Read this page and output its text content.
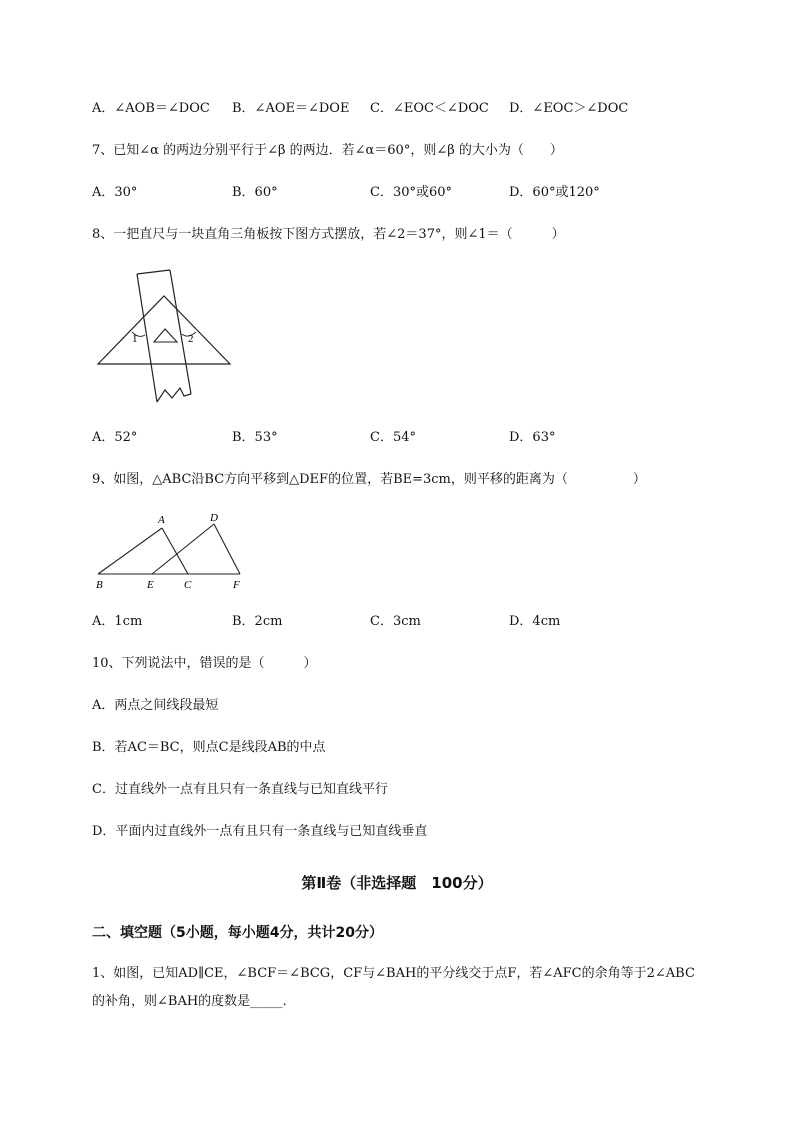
A．∠AOB＝∠DOC B．∠AOE＝∠DOE C．∠EOC＜∠DOC D．∠EOC＞∠DOC
7、已知∠α 的两边分别平行于∠β 的两边．若∠α＝60°，则∠β 的大小为（　　）
A．30°	B．60°	C．30°或60°	D．60°或120°
8、一把直尺与一块直角三角板按下图方式摆放，若∠2＝37°，则∠1＝（　　　）
1	2
A．52°	B．53°	C．54°	D．63°
9、如图，△ABC沿BC方向平移到△DEF的位置，若BE=3cm，则平移的距离为（　　　　　）
A	D
B	E	C	F
A．1cm	B．2cm	C．3cm	D．4cm
10、下列说法中，错误的是（　　　）
A．两点之间线段最短
B．若AC＝BC，则点C是线段AB的中点
C．过直线外一点有且只有一条直线与已知直线平行
D．平面内过直线外一点有且只有一条直线与已知直线垂直
第Ⅱ卷（非选择题　100分）
二、填空题（5小题，每小题4分，共计20分）
1、如图，已知AD∥CE，∠BCF＝∠BCG，CF与∠BAH的平分线交于点F，若∠AFC的余角等于2∠ABC
的补角，则∠BAH的度数是_____．
